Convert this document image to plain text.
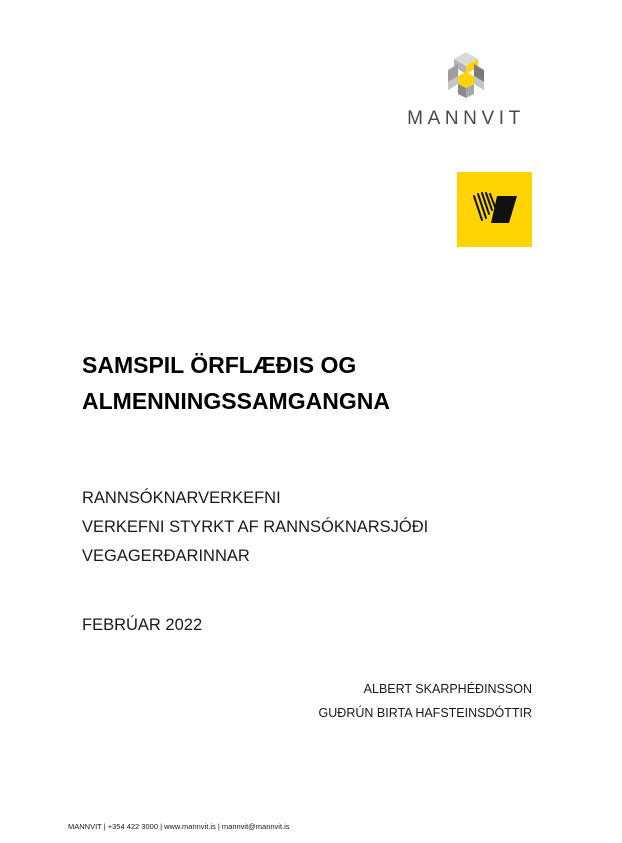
MANNVIT
SAMSPIL ÖRFLÆÐIS OG
ALMENNINGSSAMGANGNA
RANNSÓKNARVERKEFNI
VERKEFNI STYRKT AF RANNSÓKNARSJÓÐI
VEGAGERÐARINNAR
FEBRÚAR 2022
ALBERT SKARPHÉÐINSSON
GUÐRÚN BIRTA HAFSTEINSDÓTTIR
MANNVIT | +354 422 3000 | www.mannvit.is | mannvit@mannvit.is
